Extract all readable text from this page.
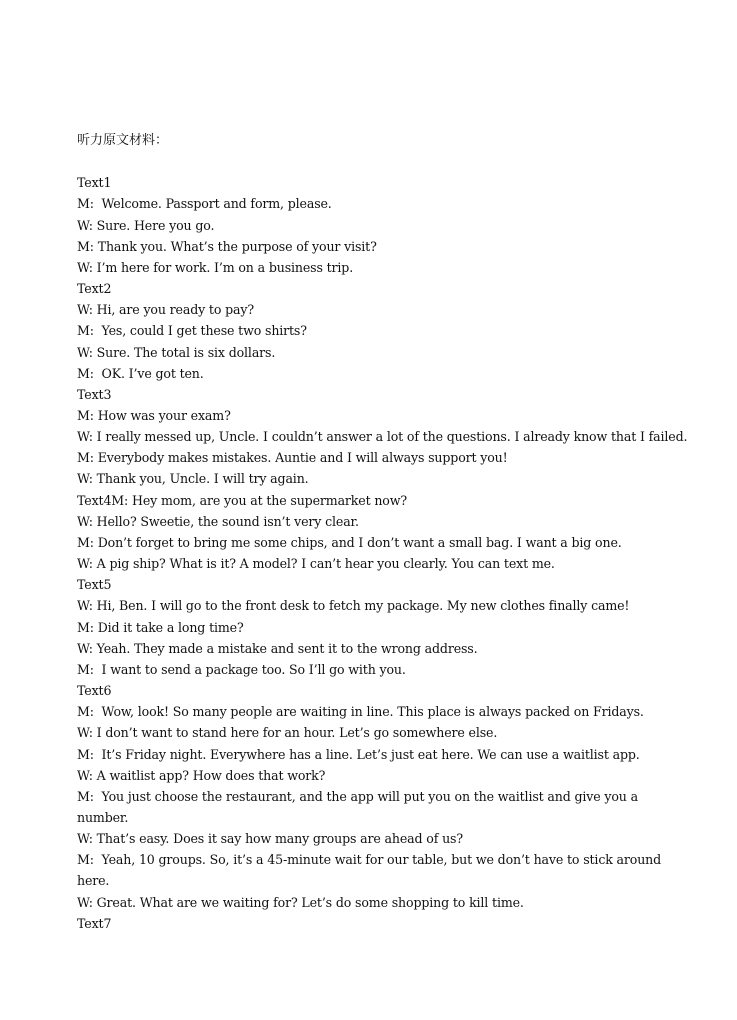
听力原文材料：
Text1
M:  Welcome. Passport and form, please.
W: Sure. Here you go.
M: Thank you. What’s the purpose of your visit?
W: I’m here for work. I’m on a business trip.
Text2
W: Hi, are you ready to pay?
M:  Yes, could I get these two shirts?
W: Sure. The total is six dollars.
M:  OK. I’ve got ten.
Text3
M: How was your exam?
W: I really messed up, Uncle. I couldn’t answer a lot of the questions. I already know that I failed.
M: Everybody makes mistakes. Auntie and I will always support you!
W: Thank you, Uncle. I will try again.
Text4M: Hey mom, are you at the supermarket now?
W: Hello? Sweetie, the sound isn’t very clear.
M: Don’t forget to bring me some chips, and I don’t want a small bag. I want a big one.
W: A pig ship? What is it? A model? I can’t hear you clearly. You can text me.
Text5
W: Hi, Ben. I will go to the front desk to fetch my package. My new clothes finally came!
M: Did it take a long time?
W: Yeah. They made a mistake and sent it to the wrong address.
M:  I want to send a package too. So I’ll go with you.
Text6
M:  Wow, look! So many people are waiting in line. This place is always packed on Fridays.
W: I don’t want to stand here for an hour. Let’s go somewhere else.
M:  It’s Friday night. Everywhere has a line. Let’s just eat here. We can use a waitlist app.
W: A waitlist app? How does that work?
M:  You just choose the restaurant, and the app will put you on the waitlist and give you a
number.
W: That’s easy. Does it say how many groups are ahead of us?
M:  Yeah, 10 groups. So, it’s a 45-minute wait for our table, but we don’t have to stick around
here.
W: Great. What are we waiting for? Let’s do some shopping to kill time.
Text7
